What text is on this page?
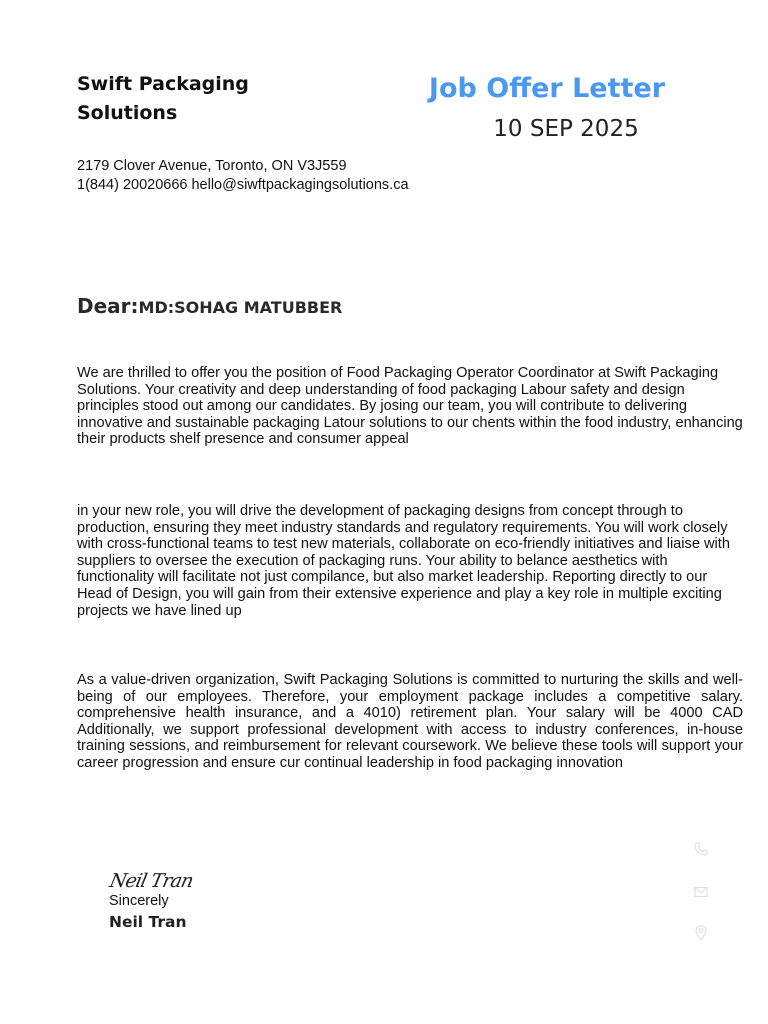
Swift Packaging Solutions
2179 Clover Avenue, Toronto, ON V3J559
1(844) 20020666 hello@siwftpackagingsolutions.ca
Job Offer Letter
10 SEP 2025
Dear:MD:SOHAG MATUBBER
We are thrilled to offer you the position of Food Packaging Operator Coordinator at Swift Packaging Solutions. Your creativity and deep understanding of food packaging Labour safety and design principles stood out among our candidates. By josing our team, you will contribute to delivering innovative and sustainable packaging Latour solutions to our chents within the food industry, enhancing their products shelf presence and consumer appeal
in your new role, you will drive the development of packaging designs from concept through to production, ensuring they meet industry standards and regulatory requirements. You will work closely with cross-functional teams to test new materials, collaborate on eco-friendly initiatives and liaise with suppliers to oversee the execution of packaging runs. Your ability to belance aesthetics with functionality will facilitate not just compilance, but also market leadership. Reporting directly to our Head of Design, you will gain from their extensive experience and play a key role in multiple exciting projects we have lined up
As a value-driven organization, Swift Packaging Solutions is committed to nurturing the skills and well-being of our employees. Therefore, your employment package includes a competitive salary. comprehensive health insurance, and a 4010) retirement plan. Your salary will be 4000 CAD Additionally, we support professional development with access to industry conferences, in-house training sessions, and reimbursement for relevant coursework. We believe these tools will support your career progression and ensure cur continual leadership in food packaging innovation
Neil Tran
Sincerely
Neil Tran
